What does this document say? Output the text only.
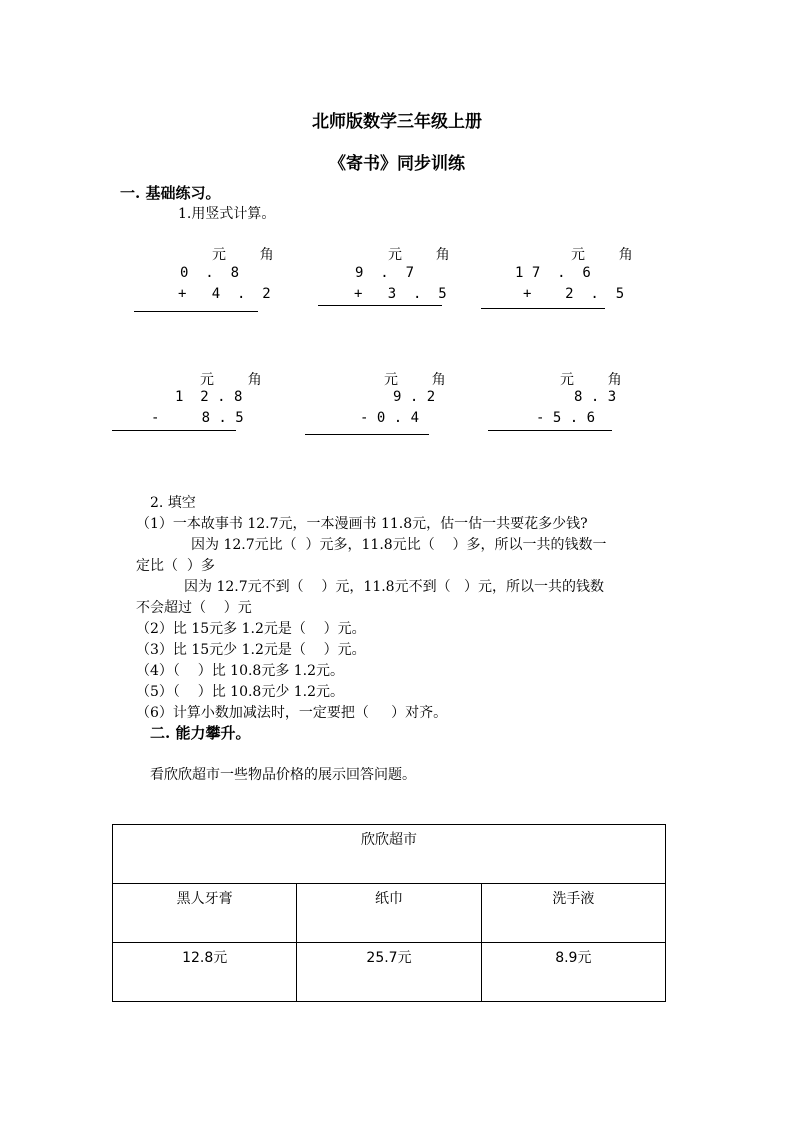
北师版数学三年级上册
《寄书》同步训练
一. 基础练习。
1.用竖式计算。
元    角
0  .  8
+   4  .  2
元    角
9  .  7
+   3  .  5
元    角
1 7  .  6
+    2  .  5
元    角
1  2 . 8
-     8 . 5
元    角
9 . 2
- 0 . 4
元    角
8 . 3
- 5 . 6
2. 填空
（1）一本故事书 12.7元，一本漫画书 11.8元，估一估一共要花多少钱?
因为 12.7元比（  ）元多，11.8元比（    ）多，所以一共的钱数一
定比（  ）多
因为 12.7元不到（    ）元，11.8元不到（   ）元，所以一共的钱数
不会超过（    ）元
（2）比 15元多 1.2元是（    ）元。
（3）比 15元少 1.2元是（    ）元。
（4）（    ）比 10.8元多 1.2元。
（5）（    ）比 10.8元少 1.2元。
（6）计算小数加减法时，一定要把（     ）对齐。
二. 能力攀升。
看欣欣超市一些物品价格的展示回答问题。
欣欣超市		
黑人牙膏	纸巾	洗手液
12.8元	25.7元	8.9元
